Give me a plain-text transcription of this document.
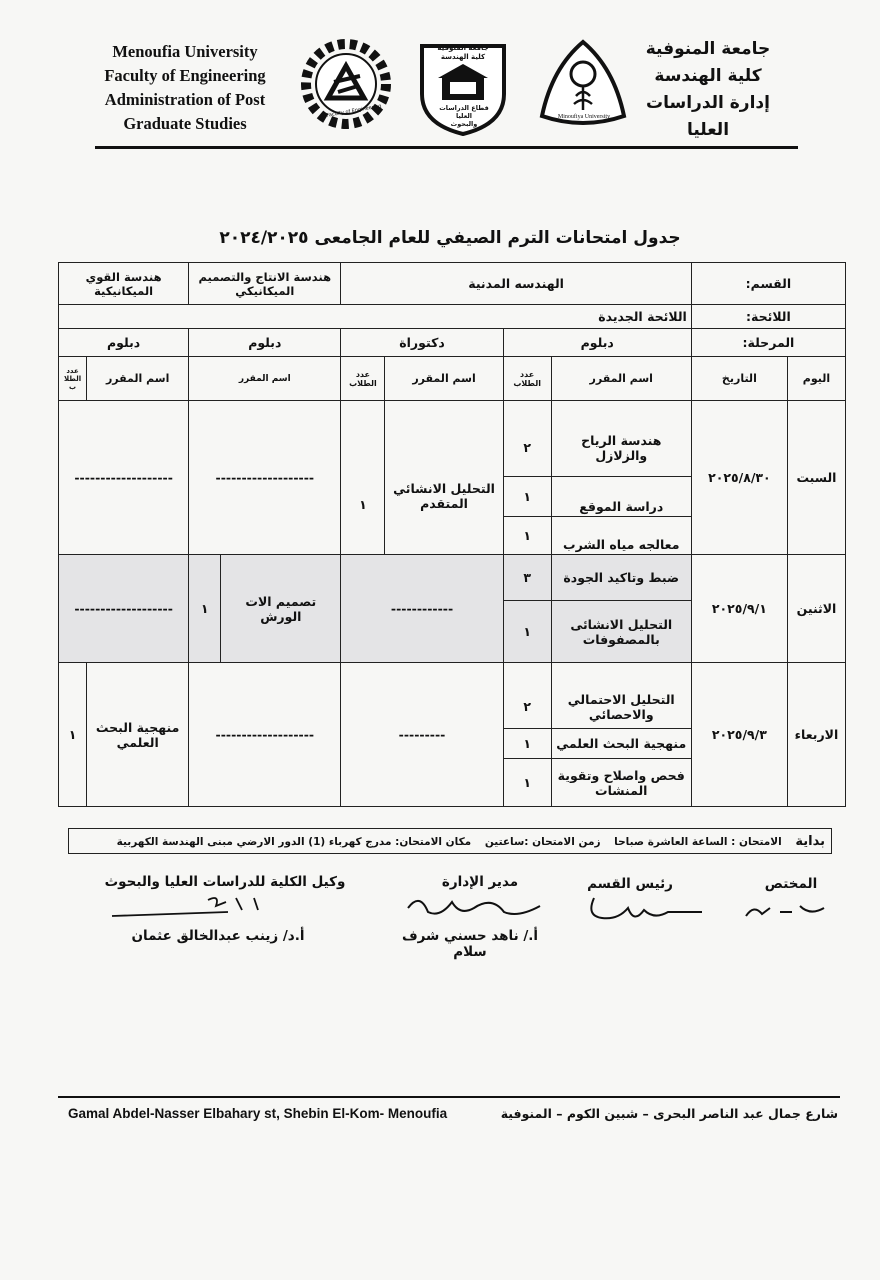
Menoufia University
Faculty of Engineering
Administration of Post
Graduate Studies
Faculty of Engineering
جامعة المنوفية
كلية الهندسة
قطاع الدراسات العليا
والبحوث
Minoufiya University
جامعة المنوفية
كلية الهندسة
إدارة الدراسات العليا
جدول امتحانات الترم الصيفي للعام الجامعى ٢٠٢٤/٢٠٢٥
القسم:		الهندسه المدنية				هندسة الانتاج والتصميم الميكانيكي		هندسة القوي الميكانيكية	
اللائحة:		اللائحة الجديدة							
المرحلة:		دبلوم		دكتوراة		دبلوم		دبلوم	
اليوم	التاريخ	اسم المقرر	عدد الطلاب	اسم المقرر	عدد الطلاب	اسم المقرر		اسم المقرر	عدد الطلا ب
السبت	٢٠٢٥/٨/٣٠	هندسة الرياح والزلازل	٢	التحليل الانشائي المتقدم	١	-------------------		-------------------	
		دراسة الموقع	١						
		معالجه مياه الشرب	١						
الاثنين	٢٠٢٥/٩/١	ضبط وتاكيد الجودة	٣	------------		تصميم الات الورش	١	-------------------	
		التحليل الانشائى بالمصفوفات	١						
الاربعاء	٢٠٢٥/٩/٣	التحليل الاحتمالي والاحصائي	٢	---------		-------------------		منهجية البحث العلمي	١
		منهجية البحث العلمي	١						
		فحص واصلاح وتقوية المنشات	١						
بداية الامتحان : الساعة العاشرة صباحا زمن الامتحان :ساعتين مكان الامتحان: مدرج كهرباء (1) الدور الارضي مبنى الهندسة الكهربية
المختص
رئيس القسم
مدير الإدارة
وكيل الكلية للدراسات العليا والبحوث
أ./ ناهد حسني شرف سلام
أ.د/ زينب عبدالخالق عثمان
Gamal Abdel-Nasser Elbahary st, Shebin El-Kom- Menoufia	شارع جمال عبد الناصر البحرى – شبين الكوم – المنوفية
